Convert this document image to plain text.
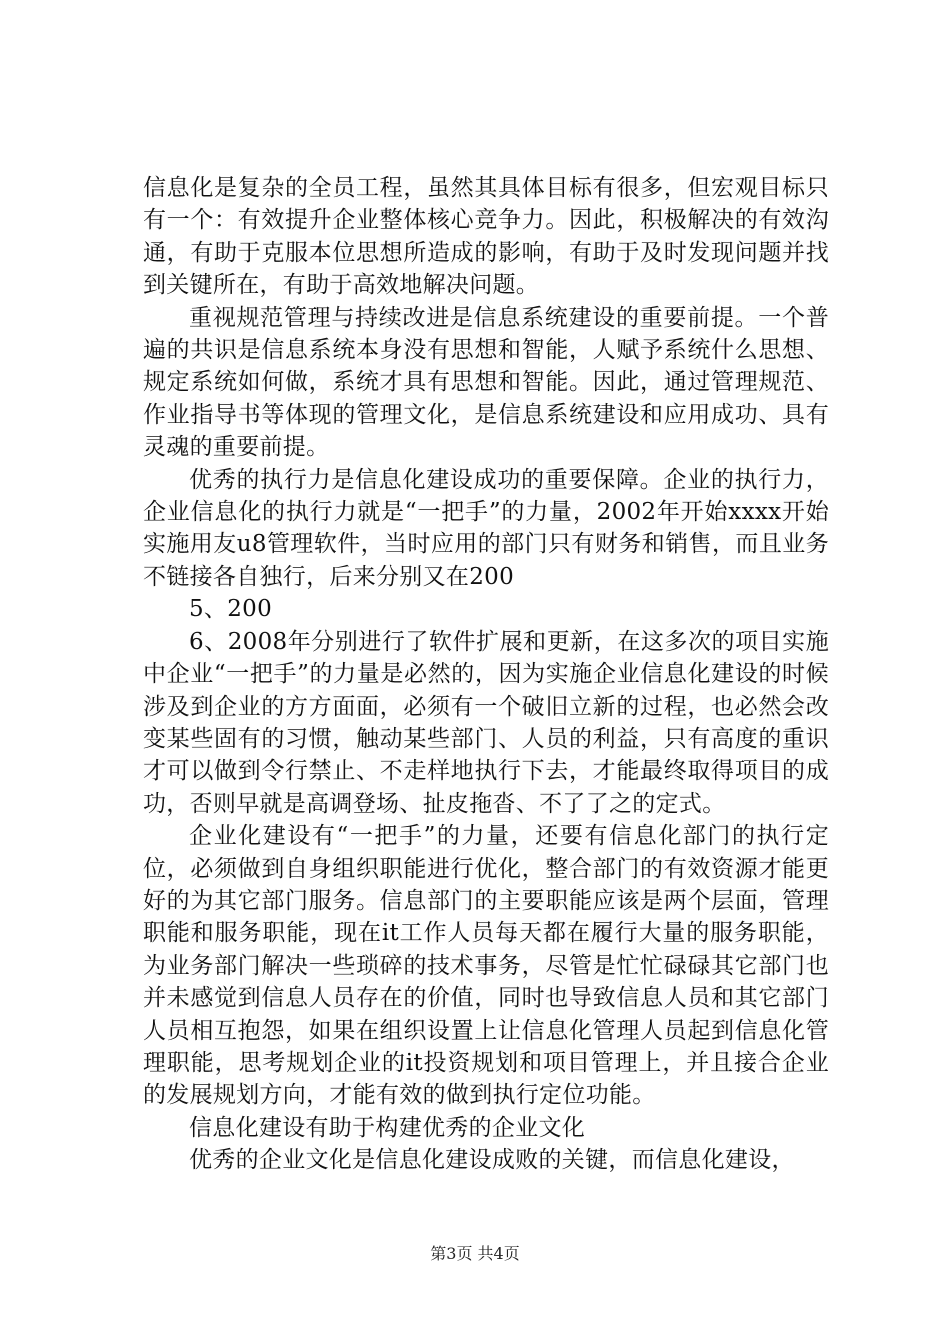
信息化是复杂的全员工程，虽然其具体目标有很多，但宏观目标只有一个：有效提升企业整体核心竞争力。因此，积极解决的有效沟通，有助于克服本位思想所造成的影响，有助于及时发现问题并找到关键所在，有助于高效地解决问题。

重视规范管理与持续改进是信息系统建设的重要前提。一个普遍的共识是信息系统本身没有思想和智能，人赋予系统什么思想、规定系统如何做，系统才具有思想和智能。因此，通过管理规范、作业指导书等体现的管理文化，是信息系统建设和应用成功、具有灵魂的重要前提。

优秀的执行力是信息化建设成功的重要保障。企业的执行力，企业信息化的执行力就是“一把手”的力量，2002年开始xxxx开始实施用友u8管理软件，当时应用的部门只有财务和销售，而且业务不链接各自独行，后来分别又在200

5、200

6、2008年分别进行了软件扩展和更新，在这多次的项目实施中企业“一把手”的力量是必然的，因为实施企业信息化建设的时候涉及到企业的方方面面，必须有一个破旧立新的过程，也必然会改变某些固有的习惯，触动某些部门、人员的利益，只有高度的重识才可以做到令行禁止、不走样地执行下去，才能最终取得项目的成功，否则早就是高调登场、扯皮拖沓、不了了之的定式。

企业化建设有“一把手”的力量，还要有信息化部门的执行定位，必须做到自身组织职能进行优化，整合部门的有效资源才能更好的为其它部门服务。信息部门的主要职能应该是两个层面，管理职能和服务职能，现在it工作人员每天都在履行大量的服务职能，为业务部门解决一些琐碎的技术事务，尽管是忙忙碌碌其它部门也并未感觉到信息人员存在的价值，同时也导致信息人员和其它部门人员相互抱怨，如果在组织设置上让信息化管理人员起到信息化管理职能，思考规划企业的it投资规划和项目管理上，并且接合企业的发展规划方向，才能有效的做到执行定位功能。

信息化建设有助于构建优秀的企业文化

优秀的企业文化是信息化建设成败的关键，而信息化建设，

第3页 共4页
